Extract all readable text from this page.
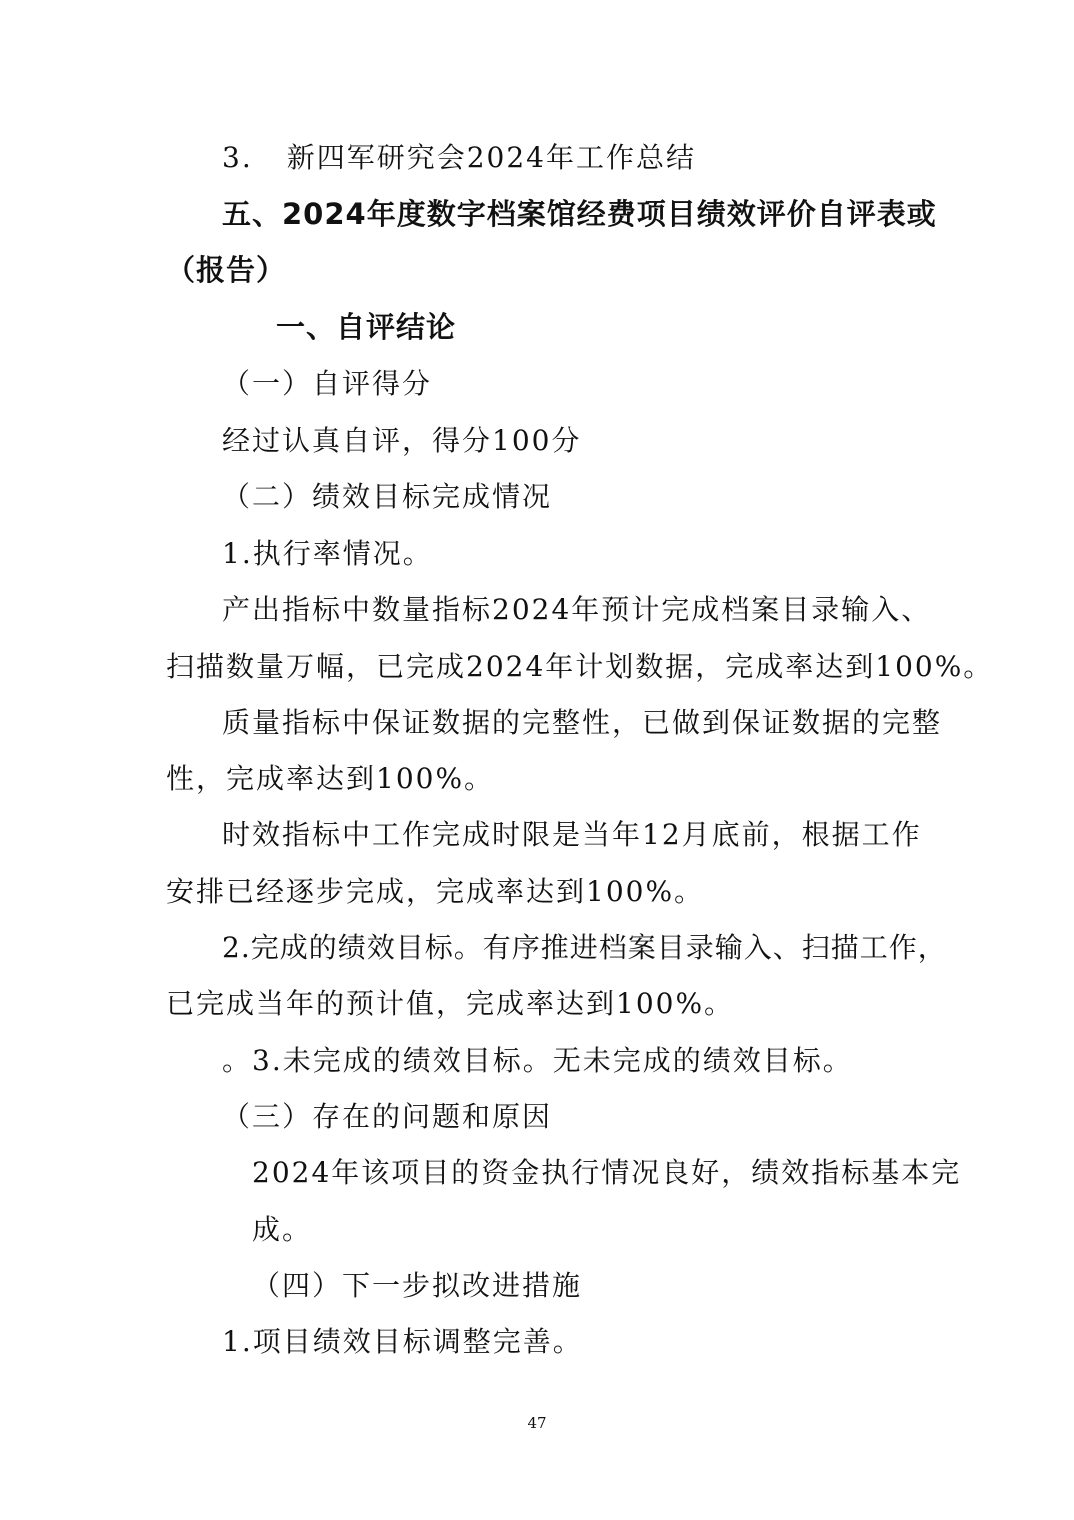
3. 新四军研究会2024年工作总结
五、2024年度数字档案馆经费项目绩效评价自评表或
（报告）
一、自评结论
（一）自评得分
经过认真自评，得分100分
（二）绩效目标完成情况
1.执行率情况。
产出指标中数量指标2024年预计完成档案目录输入、
扫描数量万幅，已完成2024年计划数据，完成率达到100%。
质量指标中保证数据的完整性，已做到保证数据的完整
性，完成率达到100%。
时效指标中工作完成时限是当年12月底前，根据工作
安排已经逐步完成，完成率达到100%。
2.完成的绩效目标。有序推进档案目录输入、扫描工作，
已完成当年的预计值，完成率达到100%。
。3.未完成的绩效目标。无未完成的绩效目标。
（三）存在的问题和原因
2024年该项目的资金执行情况良好，绩效指标基本完
成。
（四）下一步拟改进措施
1.项目绩效目标调整完善。
47
